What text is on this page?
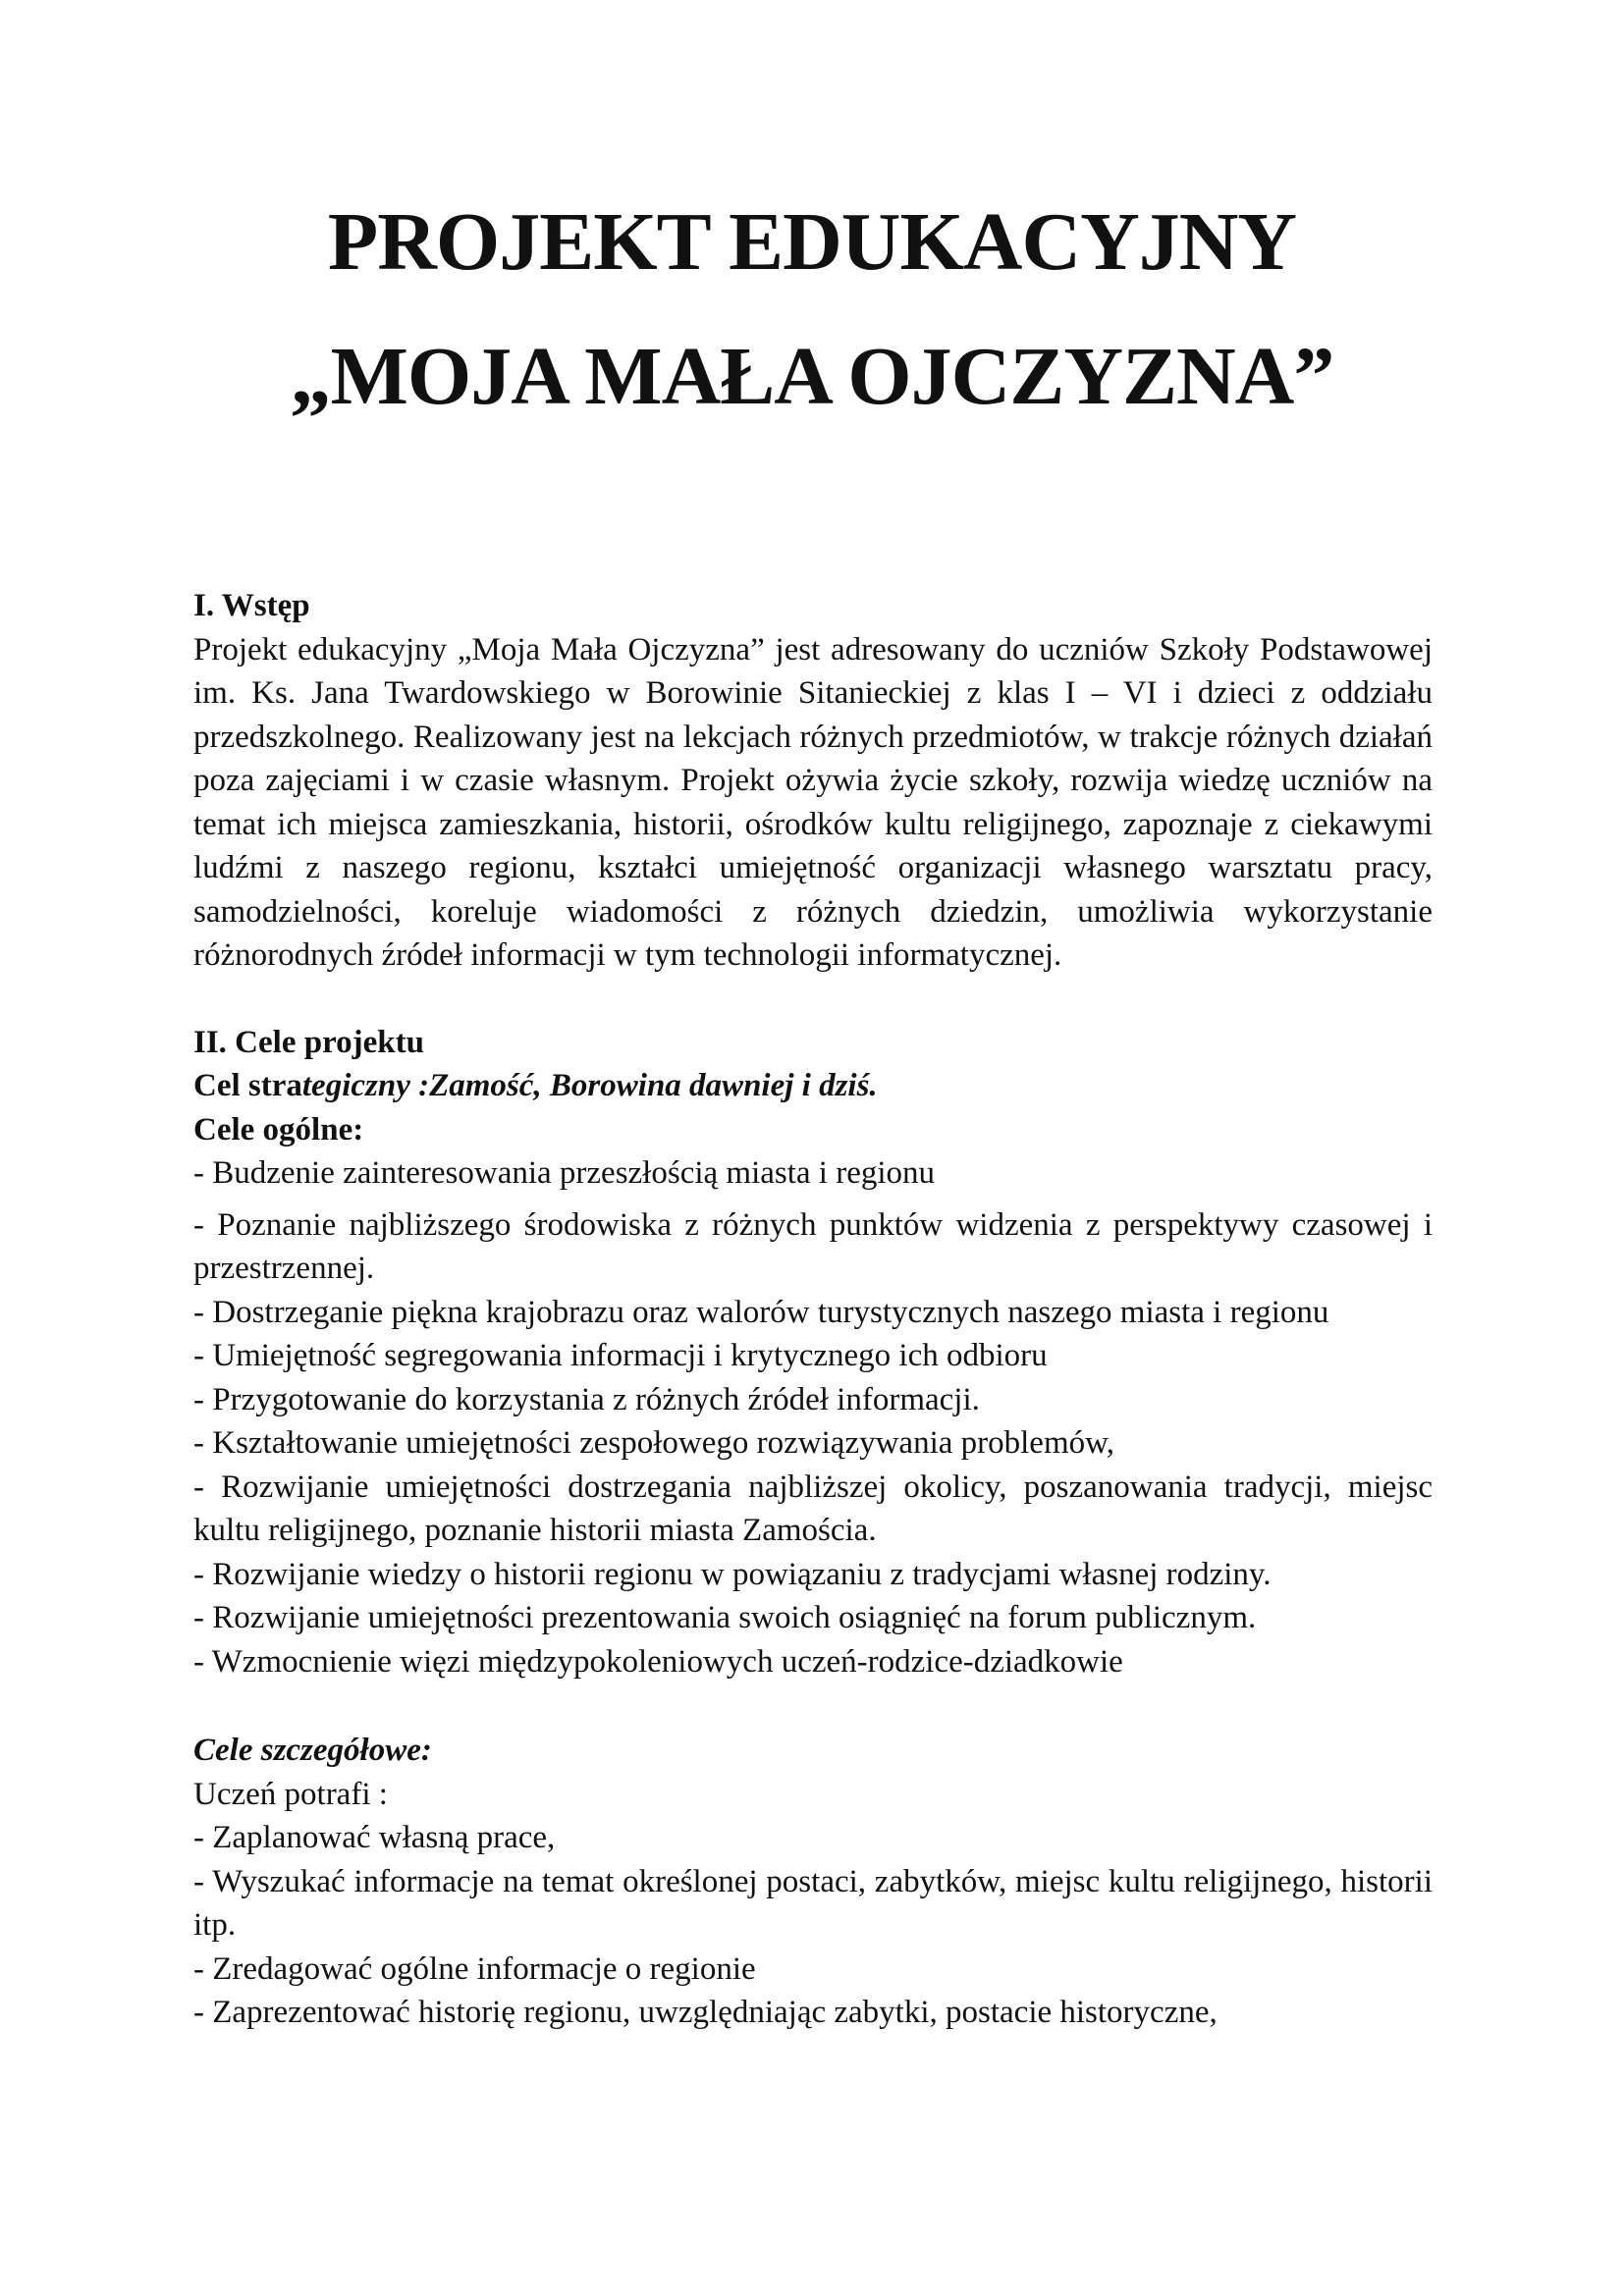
PROJEKT EDUKACYJNY
„MOJA MAŁA OJCZYZNA”

I. Wstęp

Projekt edukacyjny „Moja Mała Ojczyzna” jest adresowany do uczniów Szkoły Podstawowej im. Ks. Jana Twardowskiego w Borowinie Sitanieckiej z klas I – VI i dzieci z oddziału przedszkolnego. Realizowany jest na lekcjach różnych przedmiotów, w trakcje różnych działań poza zajęciami i w czasie własnym. Projekt ożywia życie szkoły, rozwija wiedzę uczniów na temat ich miejsca zamieszkania, historii, ośrodków kultu religijnego, zapoznaje z ciekawymi ludźmi z naszego regionu, kształci umiejętność organizacji własnego warsztatu pracy, samodzielności, koreluje wiadomości z różnych dziedzin, umożliwia wykorzystanie różnorodnych źródeł informacji w tym technologii informatycznej.

II. Cele projektu

Cel strategiczny :Zamość, Borowina dawniej i dziś.

Cele ogólne:

- Budzenie zainteresowania przeszłością miasta i regionu

- Poznanie najbliższego środowiska z różnych punktów widzenia z perspektywy czasowej i przestrzennej.

- Dostrzeganie piękna krajobrazu oraz walorów turystycznych naszego miasta i regionu

- Umiejętność segregowania informacji i krytycznego ich odbioru

- Przygotowanie do korzystania z różnych źródeł informacji.

- Kształtowanie umiejętności zespołowego rozwiązywania problemów,

- Rozwijanie umiejętności dostrzegania najbliższej okolicy, poszanowania tradycji, miejsc kultu religijnego, poznanie historii miasta Zamościa.

- Rozwijanie wiedzy o historii regionu w powiązaniu z tradycjami własnej rodziny.

- Rozwijanie umiejętności prezentowania swoich osiągnięć na forum publicznym.

- Wzmocnienie więzi międzypokoleniowych uczeń-rodzice-dziadkowie

Cele szczegółowe:

Uczeń potrafi :

- Zaplanować własną prace,

- Wyszukać informacje na temat określonej postaci, zabytków, miejsc kultu religijnego, historii itp.

- Zredagować ogólne informacje o regionie

- Zaprezentować historię regionu, uwzględniając zabytki, postacie historyczne,
